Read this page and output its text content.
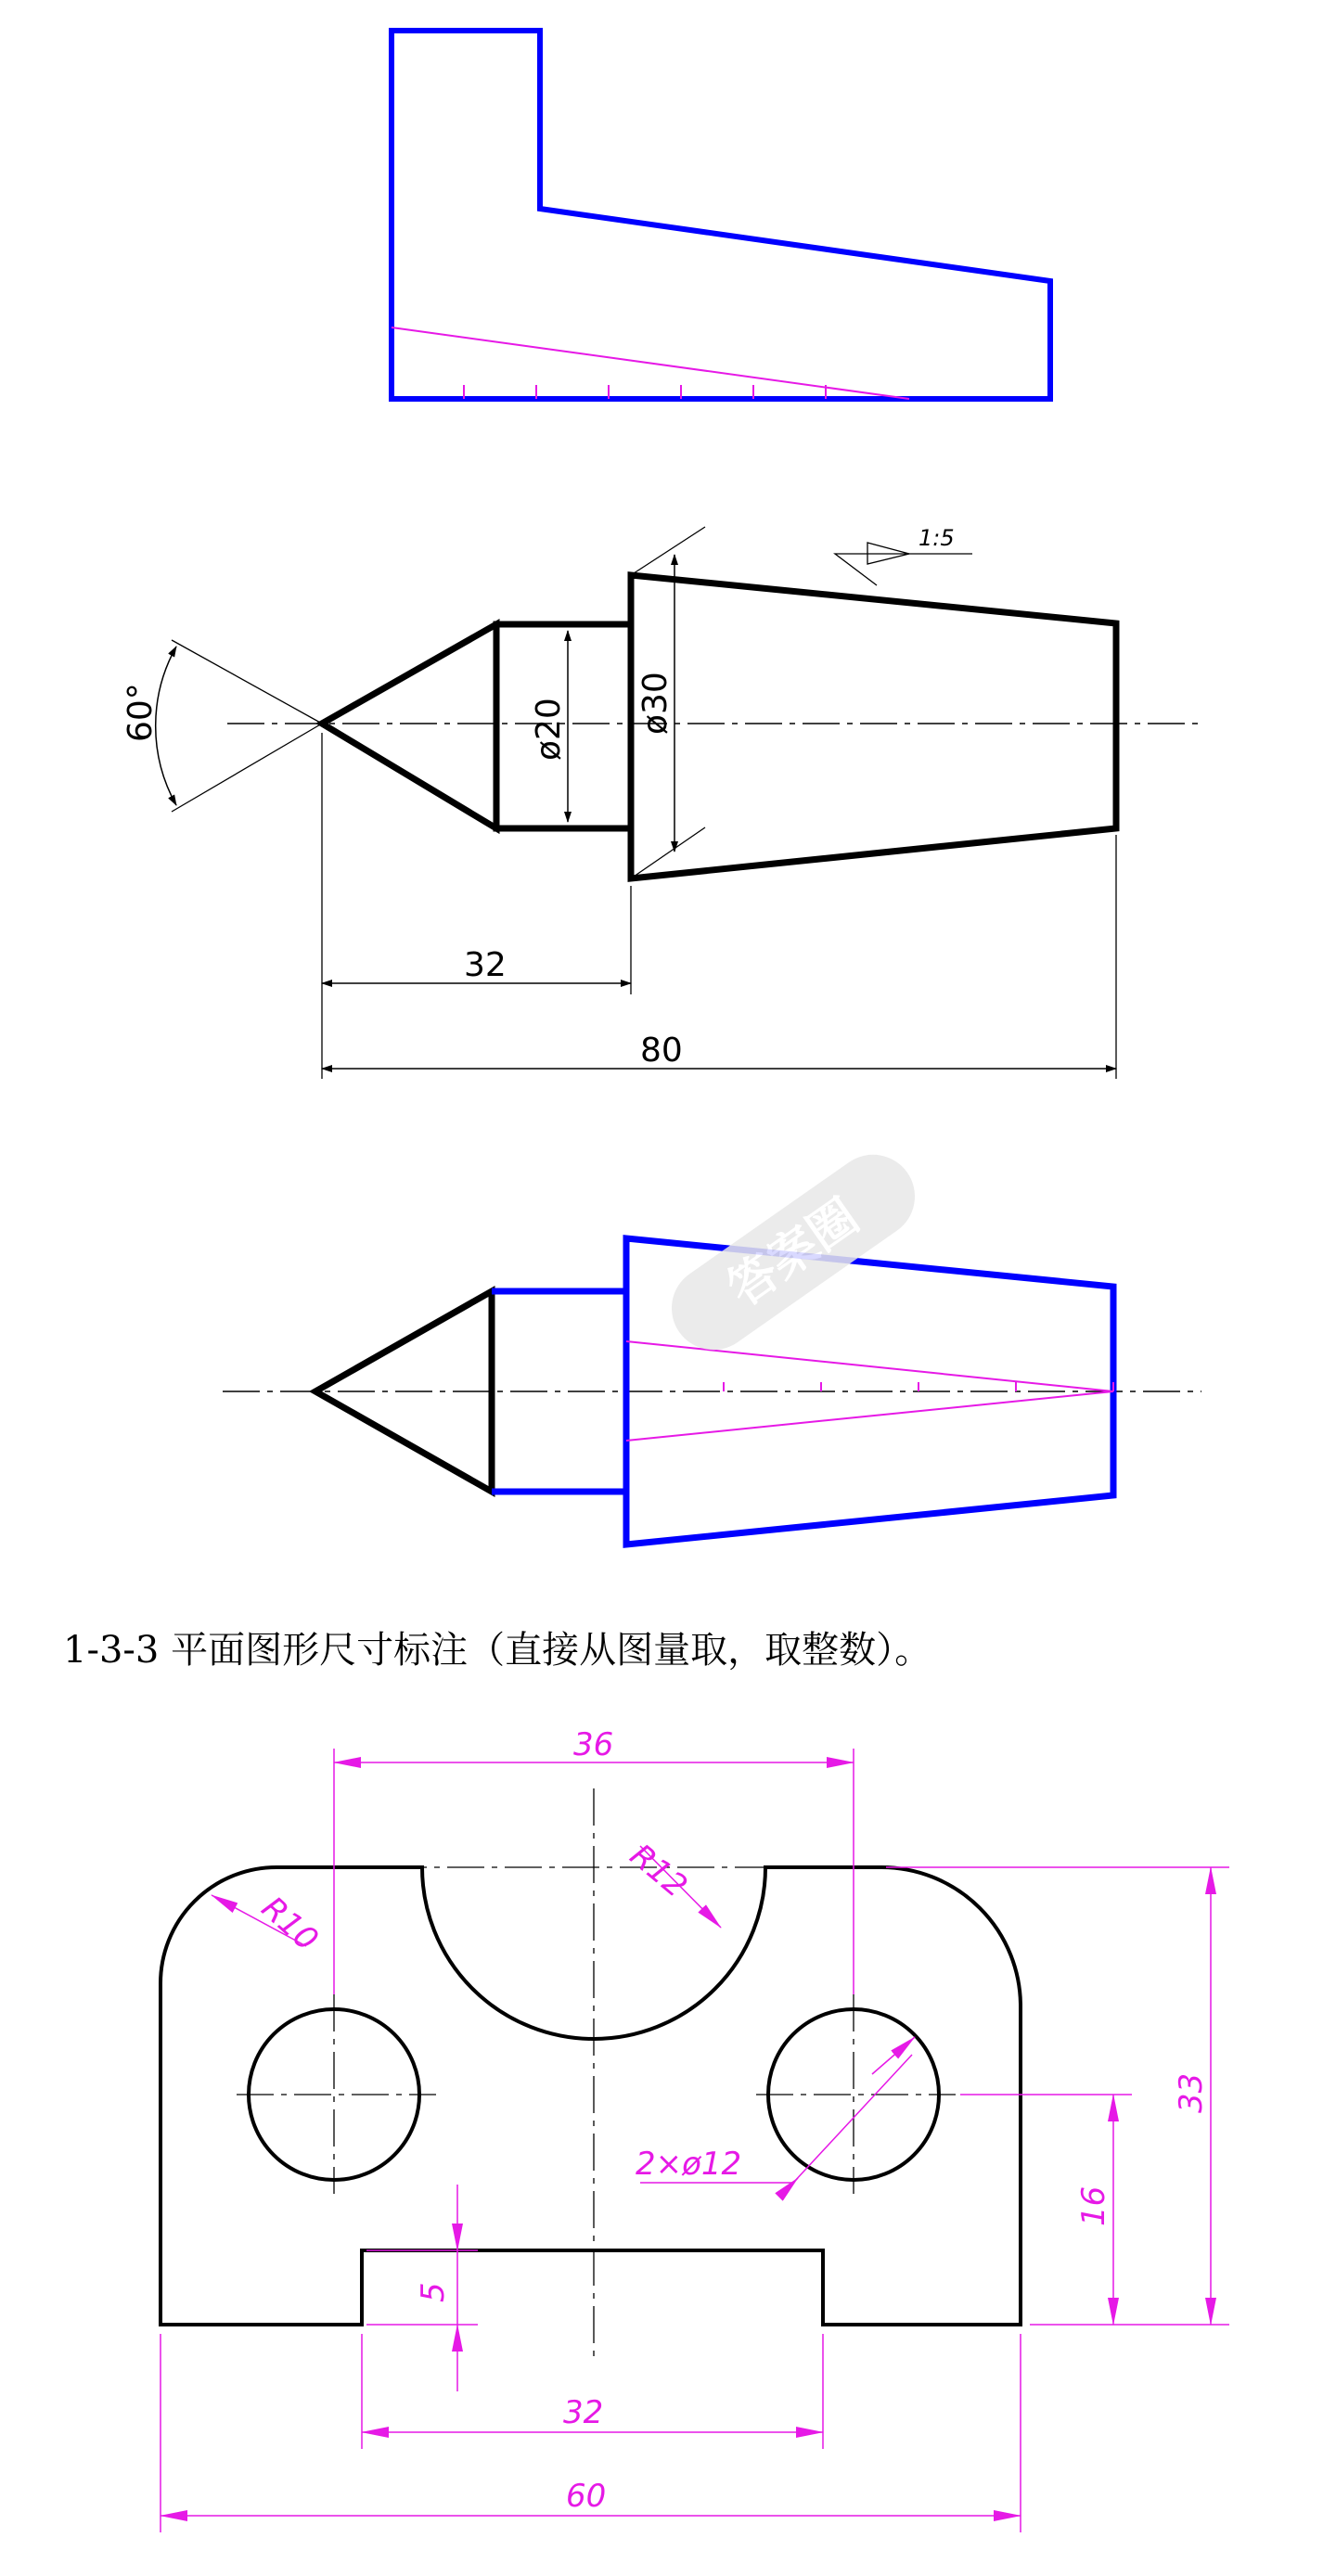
60°	ø20 ø30
1:5
32
80
答案圈
1-3-3 平面图形尺寸标注（直接从图量取，取整数）。
36
R12
R10
2×ø12
33
16
5
32
60
